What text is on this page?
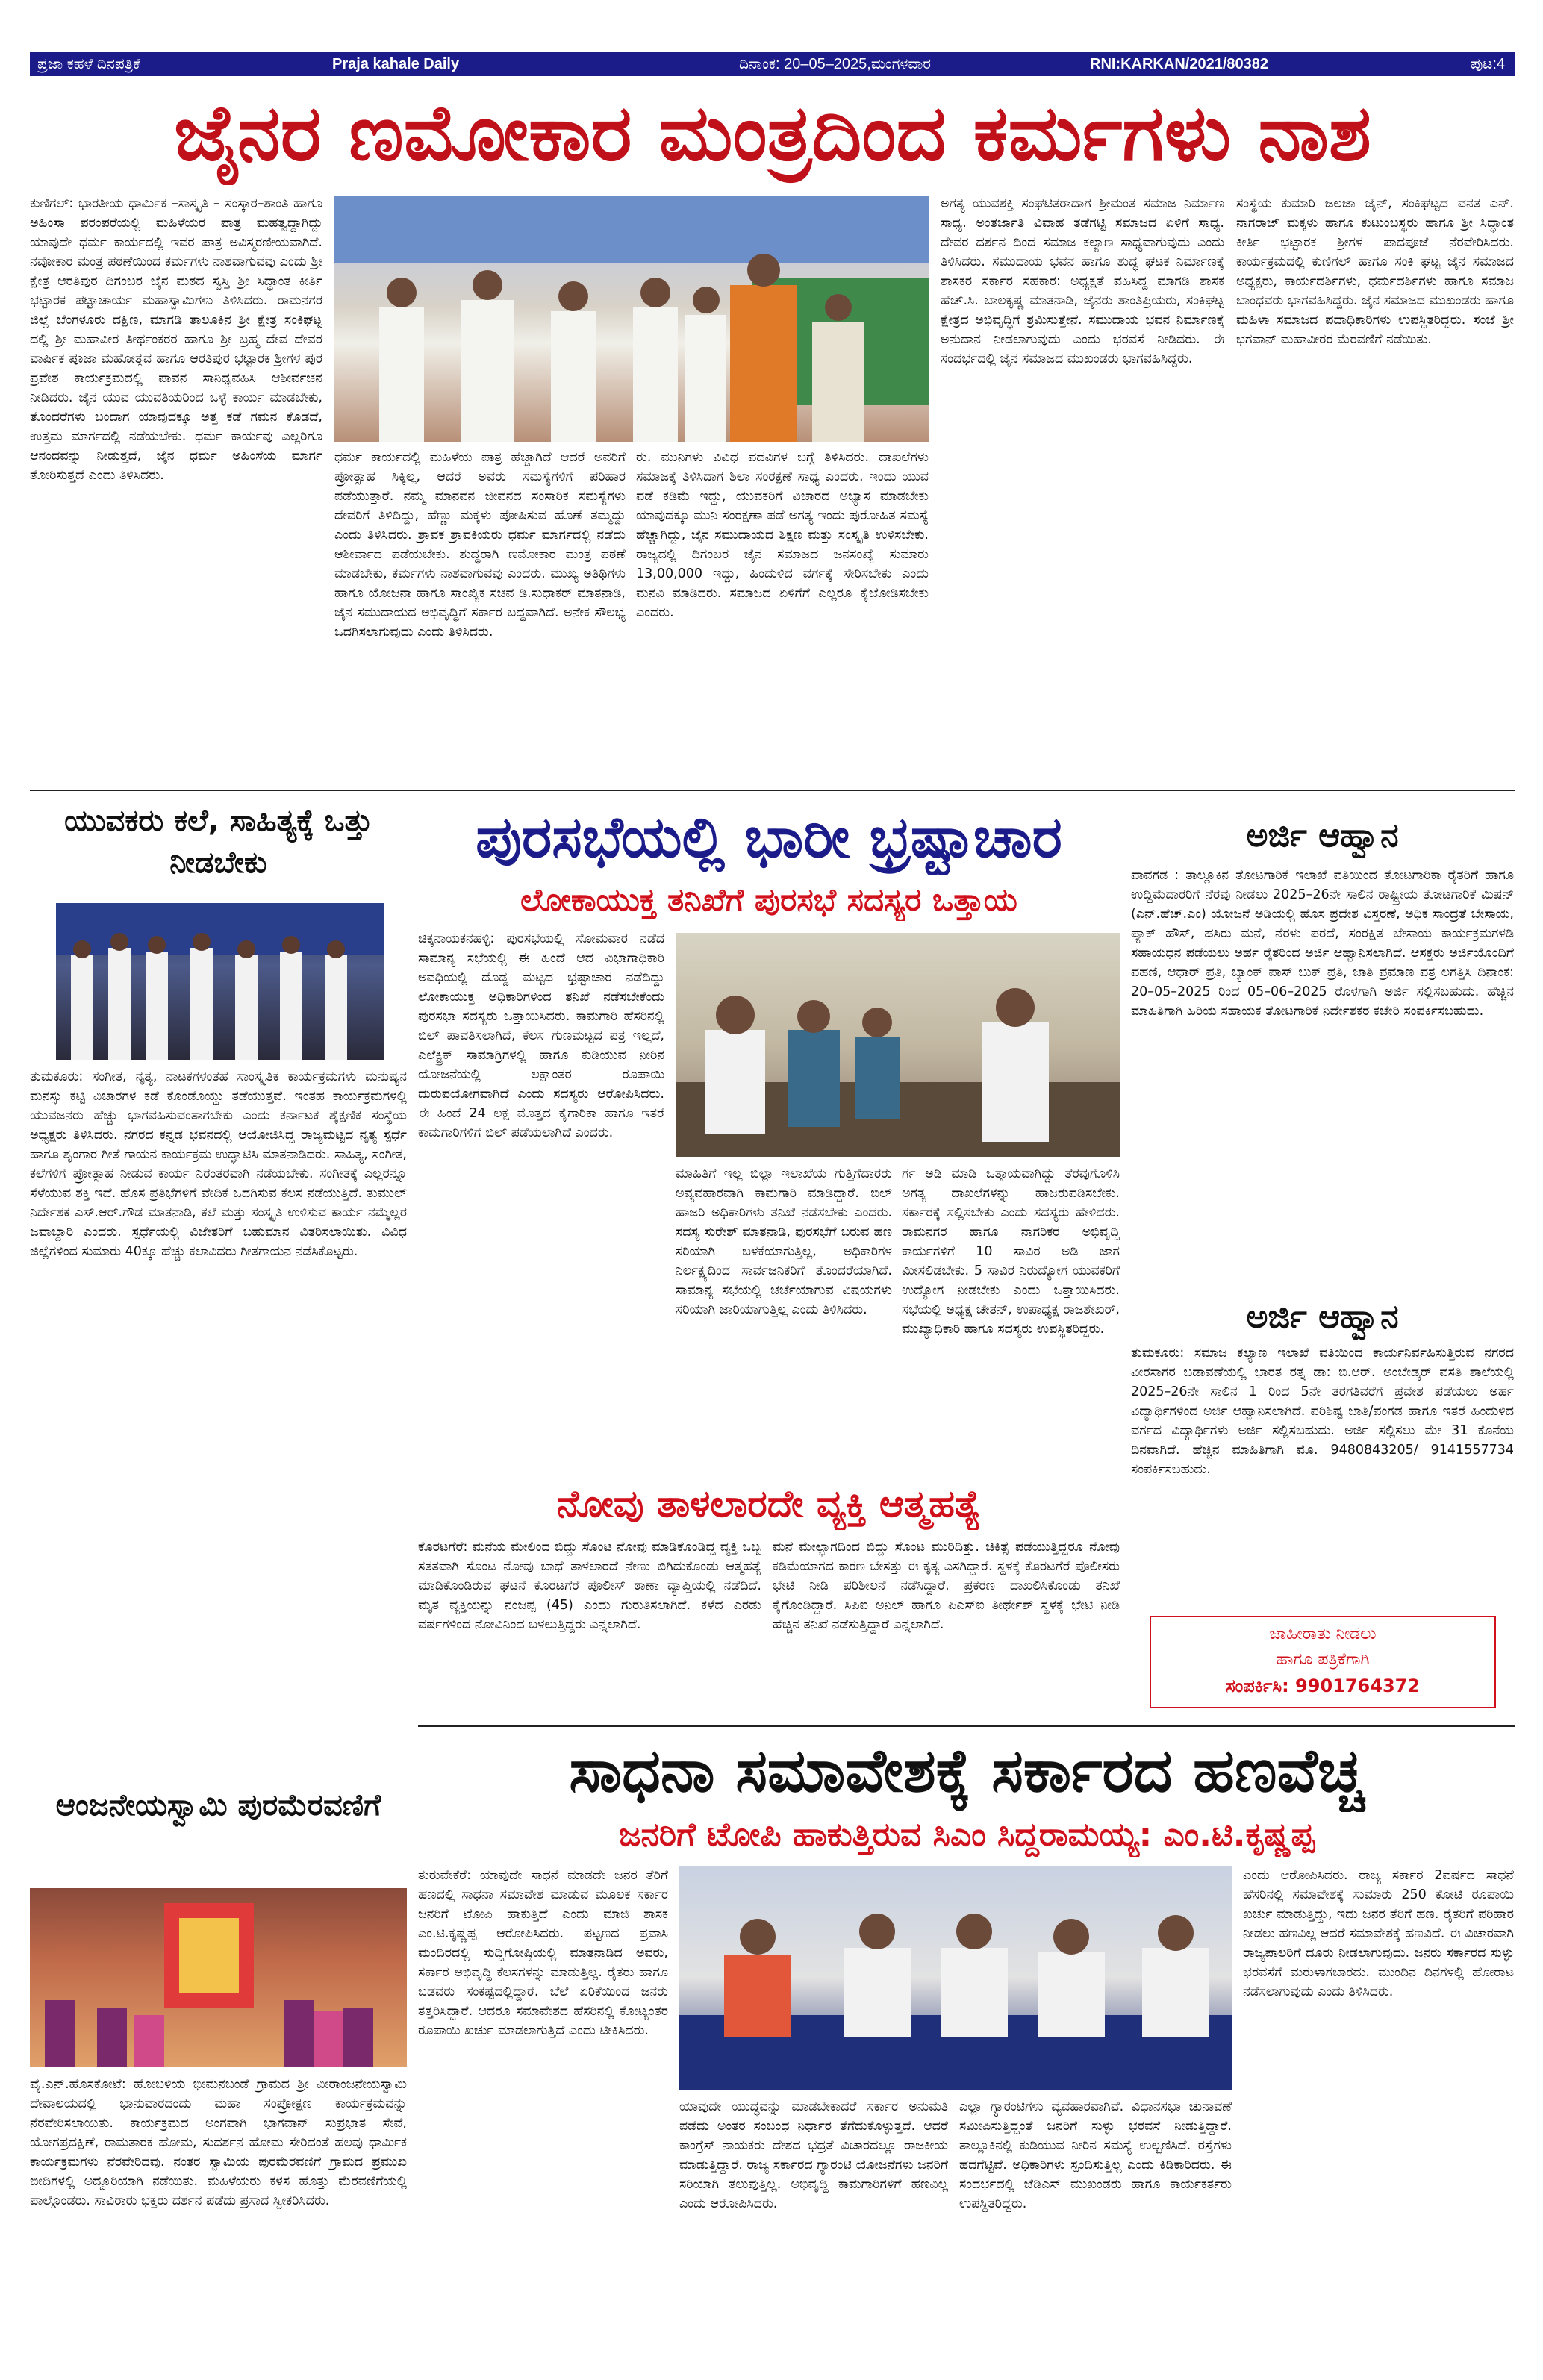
ಪ್ರಜಾ ಕಹಳೆ ದಿನಪತ್ರಿಕೆ	Praja kahale Daily	ದಿನಾಂಕ: 20–05–2025,ಮಂಗಳವಾರ	RNI:KARKAN/2021/80382	ಪುಟ:4
ಜೈನರ ಣಮೋಕಾರ ಮಂತ್ರದಿಂದ ಕರ್ಮಗಳು ನಾಶ
ಕುಣಿಗಲ್: ಭಾರತೀಯ ಧಾರ್ಮಿಕ –ಸಾಸ್ಕೃತಿ – ಸಂಸ್ಕಾರ–ಶಾಂತಿ ಹಾಗೂ ಅಹಿಂಸಾ ಪರಂಪರೆಯಲ್ಲಿ ಮಹಿಳೆಯರ ಪಾತ್ರ ಮಹತ್ವದ್ದಾಗಿದ್ದು ಯಾವುದೇ ಧರ್ಮ ಕಾರ್ಯದಲ್ಲಿ ಇವರ ಪಾತ್ರ ಅವಿಸ್ಮರಣೀಯವಾಗಿದೆ. ನವೋಕಾರ ಮಂತ್ರ ಪಠಣೆಯಿಂದ ಕರ್ಮಗಳು ನಾಶವಾಗುವವು ಎಂದು ಶ್ರೀ ಕ್ಷೇತ್ರ ಆರತಿಪುರ ದಿಗಂಬರ ಜೈನ ಮಠದ ಸ್ವಸ್ತಿ ಶ್ರೀ ಸಿದ್ಧಾಂತ ಕೀರ್ತಿ ಭಟ್ಟಾರಕ ಪಟ್ಟಾಚಾರ್ಯ ಮಹಾಸ್ವಾಮಿಗಳು ತಿಳಿಸಿದರು. ರಾಮನಗರ ಜಿಲ್ಲೆ ಬೆಂಗಳೂರು ದಕ್ಷಿಣ, ಮಾಗಡಿ ತಾಲೂಕಿನ ಶ್ರೀ ಕ್ಷೇತ್ರ ಸಂಕಿಘಟ್ಟ ದಲ್ಲಿ ಶ್ರೀ ಮಹಾವೀರ ತೀರ್ಥಂಕರರ ಹಾಗೂ ಶ್ರೀ ಬ್ರಹ್ಮ ದೇವ ದೇವರ ವಾರ್ಷಿಕ ಪೂಜಾ ಮಹೋತ್ಸವ ಹಾಗೂ ಆರತಿಪುರ ಭಟ್ಟಾರಕ ಶ್ರೀಗಳ ಪುರ ಪ್ರವೇಶ ಕಾರ್ಯಕ್ರಮದಲ್ಲಿ ಪಾವನ ಸಾನಿಧ್ಯವಹಿಸಿ ಆಶೀರ್ವಚನ ನೀಡಿದರು. ಜೈನ ಯುವ ಯುವತಿಯರಿಂದ ಒಳ್ಳೆ ಕಾರ್ಯ ಮಾಡಬೇಕು, ತೊಂದರೆಗಳು ಬಂದಾಗ ಯಾವುದಕ್ಕೂ ಅತ್ತ ಕಡೆ ಗಮನ ಕೊಡದೆ, ಉತ್ತಮ ಮಾರ್ಗದಲ್ಲಿ ನಡೆಯಬೇಕು. ಧರ್ಮ ಕಾರ್ಯವು ಎಲ್ಲರಿಗೂ ಆನಂದವನ್ನು ನೀಡುತ್ತದೆ, ಜೈನ ಧರ್ಮ ಅಹಿಂಸೆಯ ಮಾರ್ಗ ತೋರಿಸುತ್ತದೆ ಎಂದು ತಿಳಿಸಿದರು.
ಧರ್ಮ ಕಾರ್ಯದಲ್ಲಿ ಮಹಿಳೆಯ ಪಾತ್ರ ಹೆಚ್ಚಾಗಿದೆ ಆದರೆ ಅವರಿಗೆ ಪ್ರೋತ್ಸಾಹ ಸಿಕ್ಕಿಲ್ಲ, ಆದರೆ ಅವರು ಸಮಸ್ಯೆಗಳಿಗೆ ಪರಿಹಾರ ಪಡೆಯುತ್ತಾರೆ. ನಮ್ಮ ಮಾನವನ ಜೀವನದ ಸಂಸಾರಿಕ ಸಮಸ್ಯೆಗಳು ದೇವರಿಗೆ ತಿಳಿದಿದ್ದು, ಹೆಣ್ಣು ಮಕ್ಕಳು ಪೋಷಿಸುವ ಹೊಣೆ ತಮ್ಮದ್ದು ಎಂದು ತಿಳಿಸಿದರು. ಶ್ರಾವಕ ಶ್ರಾವಕಿಯರು ಧರ್ಮ ಮಾರ್ಗದಲ್ಲಿ ನಡೆದು ಆಶೀರ್ವಾದ ಪಡೆಯಬೇಕು. ಶುದ್ಧರಾಗಿ ಣಮೋಕಾರ ಮಂತ್ರ ಪಠಣೆ ಮಾಡಬೇಕು, ಕರ್ಮಗಳು ನಾಶವಾಗುವವು ಎಂದರು. ಮುಖ್ಯ ಅತಿಥಿಗಳು ಹಾಗೂ ಯೋಜನಾ ಹಾಗೂ ಸಾಂಖ್ಯಿಕ ಸಚಿವ ಡಿ.ಸುಧಾಕರ್ ಮಾತನಾಡಿ, ಜೈನ ಸಮುದಾಯದ ಅಭಿವೃದ್ಧಿಗೆ ಸರ್ಕಾರ ಬದ್ಧವಾಗಿದೆ. ಅನೇಕ ಸೌಲಭ್ಯ ಒದಗಿಸಲಾಗುವುದು ಎಂದು ತಿಳಿಸಿದರು.
ರು. ಮುನಿಗಳು ವಿವಿಧ ಪದವಿಗಳ ಬಗ್ಗೆ ತಿಳಿಸಿದರು. ದಾಖಲೆಗಳು ಸಮಾಜಕ್ಕೆ ತಿಳಿಸಿದಾಗ ಶಿಲಾ ಸಂರಕ್ಷಣೆ ಸಾಧ್ಯ ಎಂದರು. ಇಂದು ಯುವ ಪಡೆ ಕಡಿಮೆ ಇದ್ದು, ಯುವಕರಿಗೆ ವಿಚಾರದ ಅಭ್ಯಾಸ ಮಾಡಬೇಕು ಯಾವುದಕ್ಕೂ ಮುನಿ ಸಂರಕ್ಷಣಾ ಪಡೆ ಅಗತ್ಯ ಇಂದು ಪುರೋಹಿತ ಸಮಸ್ಯೆ ಹೆಚ್ಚಾಗಿದ್ದು, ಜೈನ ಸಮುದಾಯದ ಶಿಕ್ಷಣ ಮತ್ತು ಸಂಸ್ಕೃತಿ ಉಳಿಸಬೇಕು. ರಾಜ್ಯದಲ್ಲಿ ದಿಗಂಬರ ಜೈನ ಸಮಾಜದ ಜನಸಂಖ್ಯೆ ಸುಮಾರು 13,00,000 ಇದ್ದು, ಹಿಂದುಳಿದ ವರ್ಗಕ್ಕೆ ಸೇರಿಸಬೇಕು ಎಂದು ಮನವಿ ಮಾಡಿದರು. ಸಮಾಜದ ಏಳಿಗೆಗೆ ಎಲ್ಲರೂ ಕೈಜೋಡಿಸಬೇಕು ಎಂದರು.
ಅಗತ್ಯ ಯುವಶಕ್ತಿ ಸಂಘಟಿತರಾದಾಗ ಶ್ರೀಮಂತ ಸಮಾಜ ನಿರ್ಮಾಣ ಸಾಧ್ಯ. ಅಂತರ್ಜಾತಿ ವಿವಾಹ ತಡೆಗಟ್ಟಿ ಸಮಾಜದ ಏಳಿಗೆ ಸಾಧ್ಯ. ದೇವರ ದರ್ಶನ ದಿಂದ ಸಮಾಜ ಕಲ್ಯಾಣ ಸಾಧ್ಯವಾಗುವುದು ಎಂದು ತಿಳಿಸಿದರು. ಸಮುದಾಯ ಭವನ ಹಾಗೂ ಶುದ್ಧ ಘಟಕ ನಿರ್ಮಾಣಕ್ಕೆ ಶಾಸಕರ ಸರ್ಕಾರ ಸಹಕಾರ: ಅಧ್ಯಕ್ಷತೆ ವಹಿಸಿದ್ದ ಮಾಗಡಿ ಶಾಸಕ ಹೆಚ್.ಸಿ. ಬಾಲಕೃಷ್ಣ ಮಾತನಾಡಿ, ಜೈನರು ಶಾಂತಿಪ್ರಿಯರು, ಸಂಕಿಘಟ್ಟ ಕ್ಷೇತ್ರದ ಅಭಿವೃದ್ಧಿಗೆ ಶ್ರಮಿಸುತ್ತೇನೆ. ಸಮುದಾಯ ಭವನ ನಿರ್ಮಾಣಕ್ಕೆ ಅನುದಾನ ನೀಡಲಾಗುವುದು ಎಂದು ಭರವಸೆ ನೀಡಿದರು. ಈ ಸಂದರ್ಭದಲ್ಲಿ ಜೈನ ಸಮಾಜದ ಮುಖಂಡರು ಭಾಗವಹಿಸಿದ್ದರು.
ಸಂಸ್ಥೆಯ ಕುಮಾರಿ ಜಲಜಾ ಜೈನ್, ಸಂಕಿಘಟ್ಟದ ವನತ ಎನ್. ನಾಗರಾಜ್ ಮಕ್ಕಳು ಹಾಗೂ ಕುಟುಂಬಸ್ಥರು ಹಾಗೂ ಶ್ರೀ ಸಿದ್ಧಾಂತ ಕೀರ್ತಿ ಭಟ್ಟಾರಕ ಶ್ರೀಗಳ ಪಾದಪೂಜೆ ನೆರವೇರಿಸಿದರು. ಕಾರ್ಯಕ್ರಮದಲ್ಲಿ ಕುಣಿಗಲ್ ಹಾಗೂ ಸಂಕಿ ಘಟ್ಟ ಜೈನ ಸಮಾಜದ ಅಧ್ಯಕ್ಷರು, ಕಾರ್ಯದರ್ಶಿಗಳು, ಧರ್ಮದರ್ಶಿಗಳು ಹಾಗೂ ಸಮಾಜ ಬಾಂಧವರು ಭಾಗವಹಿಸಿದ್ದರು. ಜೈನ ಸಮಾಜದ ಮುಖಂಡರು ಹಾಗೂ ಮಹಿಳಾ ಸಮಾಜದ ಪದಾಧಿಕಾರಿಗಳು ಉಪಸ್ಥಿತರಿದ್ದರು. ಸಂಜೆ ಶ್ರೀ ಭಗವಾನ್ ಮಹಾವೀರರ ಮೆರವಣಿಗೆ ನಡೆಯಿತು.
ಯುವಕರು ಕಲೆ, ಸಾಹಿತ್ಯಕ್ಕೆ ಒತ್ತು ನೀಡಬೇಕು
ತುಮಕೂರು: ಸಂಗೀತ, ನೃತ್ಯ, ನಾಟಕಗಳಂತಹ ಸಾಂಸ್ಕೃತಿಕ ಕಾರ್ಯಕ್ರಮಗಳು ಮನುಷ್ಯನ ಮನಸ್ಸು ಕಟ್ಟಿ ವಿಚಾರಗಳ ಕಡೆ ಕೊಂಡೊಯ್ದು ತಡೆಯುತ್ತವೆ. ಇಂತಹ ಕಾರ್ಯಕ್ರಮಗಳಲ್ಲಿ ಯುವಜನರು ಹೆಚ್ಚು ಭಾಗವಹಿಸುವಂತಾಗಬೇಕು ಎಂದು ಕರ್ನಾಟಕ ಶೈಕ್ಷಣಿಕ ಸಂಸ್ಥೆಯ ಅಧ್ಯಕ್ಷರು ತಿಳಿಸಿದರು. ನಗರದ ಕನ್ನಡ ಭವನದಲ್ಲಿ ಆಯೋಜಿಸಿದ್ದ ರಾಜ್ಯಮಟ್ಟದ ನೃತ್ಯ ಸ್ಪರ್ಧೆ ಹಾಗೂ ಶೃಂಗಾರ ಗೀತೆ ಗಾಯನ ಕಾರ್ಯಕ್ರಮ ಉದ್ಘಾಟಿಸಿ ಮಾತನಾಡಿದರು. ಸಾಹಿತ್ಯ, ಸಂಗೀತ, ಕಲೆಗಳಿಗೆ ಪ್ರೋತ್ಸಾಹ ನೀಡುವ ಕಾರ್ಯ ನಿರಂತರವಾಗಿ ನಡೆಯಬೇಕು. ಸಂಗೀತಕ್ಕೆ ಎಲ್ಲರನ್ನೂ ಸೆಳೆಯುವ ಶಕ್ತಿ ಇದೆ. ಹೊಸ ಪ್ರತಿಭೆಗಳಿಗೆ ವೇದಿಕೆ ಒದಗಿಸುವ ಕೆಲಸ ನಡೆಯುತ್ತಿದೆ. ತುಮುಲ್ ನಿರ್ದೇಶಕ ಎಸ್.ಆರ್.ಗೌಡ ಮಾತನಾಡಿ, ಕಲೆ ಮತ್ತು ಸಂಸ್ಕೃತಿ ಉಳಿಸುವ ಕಾರ್ಯ ನಮ್ಮೆಲ್ಲರ ಜವಾಬ್ದಾರಿ ಎಂದರು. ಸ್ಪರ್ಧೆಯಲ್ಲಿ ವಿಜೇತರಿಗೆ ಬಹುಮಾನ ವಿತರಿಸಲಾಯಿತು. ವಿವಿಧ ಜಿಲ್ಲೆಗಳಿಂದ ಸುಮಾರು 40ಕ್ಕೂ ಹೆಚ್ಚು ಕಲಾವಿದರು ಗೀತಗಾಯನ ನಡೆಸಿಕೊಟ್ಟರು.
ಆಂಜನೇಯಸ್ವಾಮಿ ಪುರಮೆರವಣಿಗೆ
ವೈ.ಎನ್.ಹೊಸಕೋಟೆ: ಹೋಬಳಿಯ ಭೀಮನಬಂಡೆ ಗ್ರಾಮದ ಶ್ರೀ ವೀರಾಂಜನೇಯಸ್ವಾಮಿ ದೇವಾಲಯದಲ್ಲಿ ಭಾನುವಾರದಂದು ಮಹಾ ಸಂಪ್ರೋಕ್ಷಣ ಕಾರ್ಯಕ್ರಮವನ್ನು ನೆರವೇರಿಸಲಾಯಿತು. ಕಾರ್ಯಕ್ರಮದ ಅಂಗವಾಗಿ ಭಾಗವಾನ್ ಸುಪ್ರಭಾತ ಸೇವೆ, ಯೋಗಪ್ರದಕ್ಷಿಣೆ, ರಾಮತಾರಕ ಹೋಮ, ಸುದರ್ಶನ ಹೋಮ ಸೇರಿದಂತೆ ಹಲವು ಧಾರ್ಮಿಕ ಕಾರ್ಯಕ್ರಮಗಳು ನೆರವೇರಿದವು. ನಂತರ ಸ್ವಾಮಿಯ ಪುರಮೆರವಣಿಗೆ ಗ್ರಾಮದ ಪ್ರಮುಖ ಬೀದಿಗಳಲ್ಲಿ ಅದ್ದೂರಿಯಾಗಿ ನಡೆಯಿತು. ಮಹಿಳೆಯರು ಕಳಸ ಹೊತ್ತು ಮೆರವಣಿಗೆಯಲ್ಲಿ ಪಾಲ್ಗೊಂಡರು. ಸಾವಿರಾರು ಭಕ್ತರು ದರ್ಶನ ಪಡೆದು ಪ್ರಸಾದ ಸ್ವೀಕರಿಸಿದರು.
ಪುರಸಭೆಯಲ್ಲಿ ಭಾರೀ ಭ್ರಷ್ಟಾಚಾರ
ಲೋಕಾಯುಕ್ತ ತನಿಖೆಗೆ ಪುರಸಭೆ ಸದಸ್ಯರ ಒತ್ತಾಯ
ಚಿಕ್ಕನಾಯಕನಹಳ್ಳಿ: ಪುರಸಭೆಯಲ್ಲಿ ಸೋಮವಾರ ನಡೆದ ಸಾಮಾನ್ಯ ಸಭೆಯಲ್ಲಿ ಈ ಹಿಂದೆ ಆದ ವಿಭಾಗಾಧಿಕಾರಿ ಅವಧಿಯಲ್ಲಿ ದೊಡ್ಡ ಮಟ್ಟದ ಭ್ರಷ್ಟಾಚಾರ ನಡೆದಿದ್ದು ಲೋಕಾಯುಕ್ತ ಅಧಿಕಾರಿಗಳಿಂದ ತನಿಖೆ ನಡೆಸಬೇಕೆಂದು ಪುರಸಭಾ ಸದಸ್ಯರು ಒತ್ತಾಯಿಸಿದರು. ಕಾಮಗಾರಿ ಹೆಸರಿನಲ್ಲಿ ಬಿಲ್ ಪಾವತಿಸಲಾಗಿದೆ, ಕೆಲಸ ಗುಣಮಟ್ಟದ ಪತ್ರ ಇಲ್ಲದೆ, ಎಲೆಕ್ಟ್ರಿಕ್ ಸಾಮಾಗ್ರಿಗಳಲ್ಲಿ ಹಾಗೂ ಕುಡಿಯುವ ನೀರಿನ ಯೋಜನೆಯಲ್ಲಿ ಲಕ್ಷಾಂತರ ರೂಪಾಯಿ ದುರುಪಯೋಗವಾಗಿದೆ ಎಂದು ಸದಸ್ಯರು ಆರೋಪಿಸಿದರು. ಈ ಹಿಂದೆ 24 ಲಕ್ಷ ಮೊತ್ತದ ಕೈಗಾರಿಕಾ ಹಾಗೂ ಇತರೆ ಕಾಮಗಾರಿಗಳಿಗೆ ಬಿಲ್ ಪಡೆಯಲಾಗಿದೆ ಎಂದರು.
ಮಾಹಿತಿಗೆ ಇಲ್ಲ ಬಿಲ್ಲಾ ಇಲಾಖೆಯ ಗುತ್ತಿಗೆದಾರರು ಅವ್ಯವಹಾರವಾಗಿ ಕಾಮಗಾರಿ ಮಾಡಿದ್ದಾರೆ. ಬಿಲ್ ಹಾಜರಿ ಅಧಿಕಾರಿಗಳು ತನಿಖೆ ನಡೆಸಬೇಕು ಎಂದರು. ಸದಸ್ಯ ಸುರೇಶ್ ಮಾತನಾಡಿ, ಪುರಸಭೆಗೆ ಬರುವ ಹಣ ಸರಿಯಾಗಿ ಬಳಕೆಯಾಗುತ್ತಿಲ್ಲ, ಅಧಿಕಾರಿಗಳ ನಿರ್ಲಕ್ಷ್ಯದಿಂದ ಸಾರ್ವಜನಿಕರಿಗೆ ತೊಂದರೆಯಾಗಿದೆ. ಸಾಮಾನ್ಯ ಸಭೆಯಲ್ಲಿ ಚರ್ಚೆಯಾಗುವ ವಿಷಯಗಳು ಸರಿಯಾಗಿ ಜಾರಿಯಾಗುತ್ತಿಲ್ಲ ಎಂದು ತಿಳಿಸಿದರು.
ರ್ಗ ಅಡಿ ಮಾಡಿ ಒತ್ತಾಯವಾಗಿದ್ದು ತೆರವುಗೊಳಿಸಿ ಅಗತ್ಯ ದಾಖಲೆಗಳನ್ನು ಹಾಜರುಪಡಿಸಬೇಕು. ಸರ್ಕಾರಕ್ಕೆ ಸಲ್ಲಿಸಬೇಕು ಎಂದು ಸದಸ್ಯರು ಹೇಳಿದರು. ರಾಮನಗರ ಹಾಗೂ ನಾಗರಿಕರ ಅಭಿವೃದ್ಧಿ ಕಾರ್ಯಗಳಿಗೆ 10 ಸಾವಿರ ಅಡಿ ಜಾಗ ಮೀಸಲಿಡಬೇಕು. 5 ಸಾವಿರ ನಿರುದ್ಯೋಗ ಯುವಕರಿಗೆ ಉದ್ಯೋಗ ನೀಡಬೇಕು ಎಂದು ಒತ್ತಾಯಿಸಿದರು. ಸಭೆಯಲ್ಲಿ ಅಧ್ಯಕ್ಷ ಚೇತನ್, ಉಪಾಧ್ಯಕ್ಷ ರಾಜಶೇಖರ್, ಮುಖ್ಯಾಧಿಕಾರಿ ಹಾಗೂ ಸದಸ್ಯರು ಉಪಸ್ಥಿತರಿದ್ದರು.
ನೋವು ತಾಳಲಾರದೇ ವ್ಯಕ್ತಿ ಆತ್ಮಹತ್ಯೆ
ಕೊರಟಗೆರೆ: ಮನೆಯ ಮೇಲಿಂದ ಬಿದ್ದು ಸೊಂಟ ನೋವು ಮಾಡಿಕೊಂಡಿದ್ದ ವ್ಯಕ್ತಿ ಒಬ್ಬ ಸತತವಾಗಿ ಸೊಂಟ ನೋವು ಬಾಧೆ ತಾಳಲಾರದೆ ನೇಣು ಬಿಗಿದುಕೊಂಡು ಆತ್ಮಹತ್ಯೆ ಮಾಡಿಕೊಂಡಿರುವ ಘಟನೆ ಕೊರಟಗೆರೆ ಪೊಲೀಸ್ ಠಾಣಾ ವ್ಯಾಪ್ತಿಯಲ್ಲಿ ನಡೆದಿದೆ. ಮೃತ ವ್ಯಕ್ತಿಯನ್ನು ನಂಜಪ್ಪ (45) ಎಂದು ಗುರುತಿಸಲಾಗಿದೆ. ಕಳೆದ ಎರಡು ವರ್ಷಗಳಿಂದ ನೋವಿನಿಂದ ಬಳಲುತ್ತಿದ್ದರು ಎನ್ನಲಾಗಿದೆ.
ಮನೆ ಮೇಲ್ಭಾಗದಿಂದ ಬಿದ್ದು ಸೊಂಟ ಮುರಿದಿತ್ತು. ಚಿಕಿತ್ಸೆ ಪಡೆಯುತ್ತಿದ್ದರೂ ನೋವು ಕಡಿಮೆಯಾಗದ ಕಾರಣ ಬೇಸತ್ತು ಈ ಕೃತ್ಯ ಎಸಗಿದ್ದಾರೆ. ಸ್ಥಳಕ್ಕೆ ಕೊರಟಗೆರೆ ಪೊಲೀಸರು ಭೇಟಿ ನೀಡಿ ಪರಿಶೀಲನೆ ನಡೆಸಿದ್ದಾರೆ. ಪ್ರಕರಣ ದಾಖಲಿಸಿಕೊಂಡು ತನಿಖೆ ಕೈಗೊಂಡಿದ್ದಾರೆ. ಸಿಪಿಐ ಅನಿಲ್ ಹಾಗೂ ಪಿಎಸ್ಐ ತೀರ್ಥೇಶ್ ಸ್ಥಳಕ್ಕೆ ಭೇಟಿ ನೀಡಿ ಹೆಚ್ಚಿನ ತನಿಖೆ ನಡೆಸುತ್ತಿದ್ದಾರೆ ಎನ್ನಲಾಗಿದೆ.
ಅರ್ಜಿ ಆಹ್ವಾನ
ಪಾವಗಡ : ತಾಲ್ಲೂಕಿನ ತೋಟಗಾರಿಕೆ ಇಲಾಖೆ ವತಿಯಿಂದ ತೋಟಗಾರಿಕಾ ರೈತರಿಗೆ ಹಾಗೂ ಉದ್ದಿಮೆದಾರರಿಗೆ ನೆರವು ನೀಡಲು 2025–26ನೇ ಸಾಲಿನ ರಾಷ್ಟ್ರೀಯ ತೋಟಗಾರಿಕೆ ಮಿಷನ್ (ಎನ್.ಹೆಚ್.ಎಂ) ಯೋಜನೆ ಅಡಿಯಲ್ಲಿ ಹೊಸ ಪ್ರದೇಶ ವಿಸ್ತರಣೆ, ಅಧಿಕ ಸಾಂದ್ರತೆ ಬೇಸಾಯ, ಪ್ಯಾಕ್ ಹೌಸ್, ಹಸಿರು ಮನೆ, ನೆರಳು ಪರದೆ, ಸಂರಕ್ಷಿತ ಬೇಸಾಯ ಕಾರ್ಯಕ್ರಮಗಳಡಿ ಸಹಾಯಧನ ಪಡೆಯಲು ಅರ್ಹ ರೈತರಿಂದ ಅರ್ಜಿ ಆಹ್ವಾನಿಸಲಾಗಿದೆ. ಆಸಕ್ತರು ಅರ್ಜಿಯೊಂದಿಗೆ ಪಹಣಿ, ಆಧಾರ್ ಪ್ರತಿ, ಬ್ಯಾಂಕ್ ಪಾಸ್ ಬುಕ್ ಪ್ರತಿ, ಜಾತಿ ಪ್ರಮಾಣ ಪತ್ರ ಲಗತ್ತಿಸಿ ದಿನಾಂಕ: 20–05–2025 ರಿಂದ 05–06–2025 ರೊಳಗಾಗಿ ಅರ್ಜಿ ಸಲ್ಲಿಸಬಹುದು. ಹೆಚ್ಚಿನ ಮಾಹಿತಿಗಾಗಿ ಹಿರಿಯ ಸಹಾಯಕ ತೋಟಗಾರಿಕೆ ನಿರ್ದೇಶಕರ ಕಚೇರಿ ಸಂಪರ್ಕಿಸಬಹುದು.
ಅರ್ಜಿ ಆಹ್ವಾನ
ತುಮಕೂರು: ಸಮಾಜ ಕಲ್ಯಾಣ ಇಲಾಖೆ ವತಿಯಿಂದ ಕಾರ್ಯನಿರ್ವಹಿಸುತ್ತಿರುವ ನಗರದ ವೀರಸಾಗರ ಬಡಾವಣೆಯಲ್ಲಿ ಭಾರತ ರತ್ನ ಡಾ: ಬಿ.ಆರ್. ಅಂಬೇಡ್ಕರ್ ವಸತಿ ಶಾಲೆಯಲ್ಲಿ 2025–26ನೇ ಸಾಲಿನ 1 ರಿಂದ 5ನೇ ತರಗತಿವರೆಗೆ ಪ್ರವೇಶ ಪಡೆಯಲು ಅರ್ಹ ವಿದ್ಯಾರ್ಥಿಗಳಿಂದ ಅರ್ಜಿ ಆಹ್ವಾನಿಸಲಾಗಿದೆ. ಪರಿಶಿಷ್ಟ ಜಾತಿ/ಪಂಗಡ ಹಾಗೂ ಇತರೆ ಹಿಂದುಳಿದ ವರ್ಗದ ವಿದ್ಯಾರ್ಥಿಗಳು ಅರ್ಜಿ ಸಲ್ಲಿಸಬಹುದು. ಅರ್ಜಿ ಸಲ್ಲಿಸಲು ಮೇ 31 ಕೊನೆಯ ದಿನವಾಗಿದೆ. ಹೆಚ್ಚಿನ ಮಾಹಿತಿಗಾಗಿ ಮೊ. 9480843205/ 9141557734 ಸಂಪರ್ಕಿಸಬಹುದು.
ಜಾಹೀರಾತು ನೀಡಲು
ಹಾಗೂ ಪತ್ರಿಕೆಗಾಗಿ
ಸಂಪರ್ಕಿಸಿ: 9901764372
ಸಾಧನಾ ಸಮಾವೇಶಕ್ಕೆ ಸರ್ಕಾರದ ಹಣವೆಚ್ಚ
ಜನರಿಗೆ ಟೋಪಿ ಹಾಕುತ್ತಿರುವ ಸಿಎಂ ಸಿದ್ದರಾಮಯ್ಯ: ಎಂ.ಟಿ.ಕೃಷ್ಣಪ್ಪ
ತುರುವೇಕೆರೆ: ಯಾವುದೇ ಸಾಧನೆ ಮಾಡದೇ ಜನರ ತೆರಿಗೆ ಹಣದಲ್ಲಿ ಸಾಧನಾ ಸಮಾವೇಶ ಮಾಡುವ ಮೂಲಕ ಸರ್ಕಾರ ಜನರಿಗೆ ಟೋಪಿ ಹಾಕುತ್ತಿದೆ ಎಂದು ಮಾಜಿ ಶಾಸಕ ಎಂ.ಟಿ.ಕೃಷ್ಣಪ್ಪ ಆರೋಪಿಸಿದರು. ಪಟ್ಟಣದ ಪ್ರವಾಸಿ ಮಂದಿರದಲ್ಲಿ ಸುದ್ದಿಗೋಷ್ಠಿಯಲ್ಲಿ ಮಾತನಾಡಿದ ಅವರು, ಸರ್ಕಾರ ಅಭಿವೃದ್ಧಿ ಕೆಲಸಗಳನ್ನು ಮಾಡುತ್ತಿಲ್ಲ. ರೈತರು ಹಾಗೂ ಬಡವರು ಸಂಕಷ್ಟದಲ್ಲಿದ್ದಾರೆ. ಬೆಲೆ ಏರಿಕೆಯಿಂದ ಜನರು ತತ್ತರಿಸಿದ್ದಾರೆ. ಆದರೂ ಸಮಾವೇಶದ ಹೆಸರಿನಲ್ಲಿ ಕೋಟ್ಯಂತರ ರೂಪಾಯಿ ಖರ್ಚು ಮಾಡಲಾಗುತ್ತಿದೆ ಎಂದು ಟೀಕಿಸಿದರು.
ಯಾವುದೇ ಯುದ್ಧವನ್ನು ಮಾಡಬೇಕಾದರೆ ಸರ್ಕಾರ ಅನುಮತಿ ಪಡೆದು ಅಂತರ ಸಂಬಂಧ ನಿರ್ಧಾರ ತೆಗೆದುಕೊಳ್ಳುತ್ತದೆ. ಆದರೆ ಕಾಂಗ್ರೆಸ್ ನಾಯಕರು ದೇಶದ ಭದ್ರತೆ ವಿಚಾರದಲ್ಲೂ ರಾಜಕೀಯ ಮಾಡುತ್ತಿದ್ದಾರೆ. ರಾಜ್ಯ ಸರ್ಕಾರದ ಗ್ಯಾರಂಟಿ ಯೋಜನೆಗಳು ಜನರಿಗೆ ಸರಿಯಾಗಿ ತಲುಪುತ್ತಿಲ್ಲ. ಅಭಿವೃದ್ಧಿ ಕಾಮಗಾರಿಗಳಿಗೆ ಹಣವಿಲ್ಲ ಎಂದು ಆರೋಪಿಸಿದರು.
ಎಲ್ಲಾ ಗ್ಯಾರಂಟಿಗಳು ವ್ಯವಹಾರವಾಗಿವೆ. ವಿಧಾನಸಭಾ ಚುನಾವಣೆ ಸಮೀಪಿಸುತ್ತಿದ್ದಂತೆ ಜನರಿಗೆ ಸುಳ್ಳು ಭರವಸೆ ನೀಡುತ್ತಿದ್ದಾರೆ. ತಾಲ್ಲೂಕಿನಲ್ಲಿ ಕುಡಿಯುವ ನೀರಿನ ಸಮಸ್ಯೆ ಉಲ್ಬಣಿಸಿದೆ. ರಸ್ತೆಗಳು ಹದಗೆಟ್ಟಿವೆ. ಅಧಿಕಾರಿಗಳು ಸ್ಪಂದಿಸುತ್ತಿಲ್ಲ ಎಂದು ಕಿಡಿಕಾರಿದರು. ಈ ಸಂದರ್ಭದಲ್ಲಿ ಜೆಡಿಎಸ್ ಮುಖಂಡರು ಹಾಗೂ ಕಾರ್ಯಕರ್ತರು ಉಪಸ್ಥಿತರಿದ್ದರು.
ಎಂದು ಆರೋಪಿಸಿದರು. ರಾಜ್ಯ ಸರ್ಕಾರ 2ವರ್ಷದ ಸಾಧನೆ ಹೆಸರಿನಲ್ಲಿ ಸಮಾವೇಶಕ್ಕೆ ಸುಮಾರು 250 ಕೋಟಿ ರೂಪಾಯಿ ಖರ್ಚು ಮಾಡುತ್ತಿದ್ದು, ಇದು ಜನರ ತೆರಿಗೆ ಹಣ. ರೈತರಿಗೆ ಪರಿಹಾರ ನೀಡಲು ಹಣವಿಲ್ಲ ಆದರೆ ಸಮಾವೇಶಕ್ಕೆ ಹಣವಿದೆ. ಈ ವಿಚಾರವಾಗಿ ರಾಜ್ಯಪಾಲರಿಗೆ ದೂರು ನೀಡಲಾಗುವುದು. ಜನರು ಸರ್ಕಾರದ ಸುಳ್ಳು ಭರವಸೆಗೆ ಮರುಳಾಗಬಾರದು. ಮುಂದಿನ ದಿನಗಳಲ್ಲಿ ಹೋರಾಟ ನಡೆಸಲಾಗುವುದು ಎಂದು ತಿಳಿಸಿದರು.
